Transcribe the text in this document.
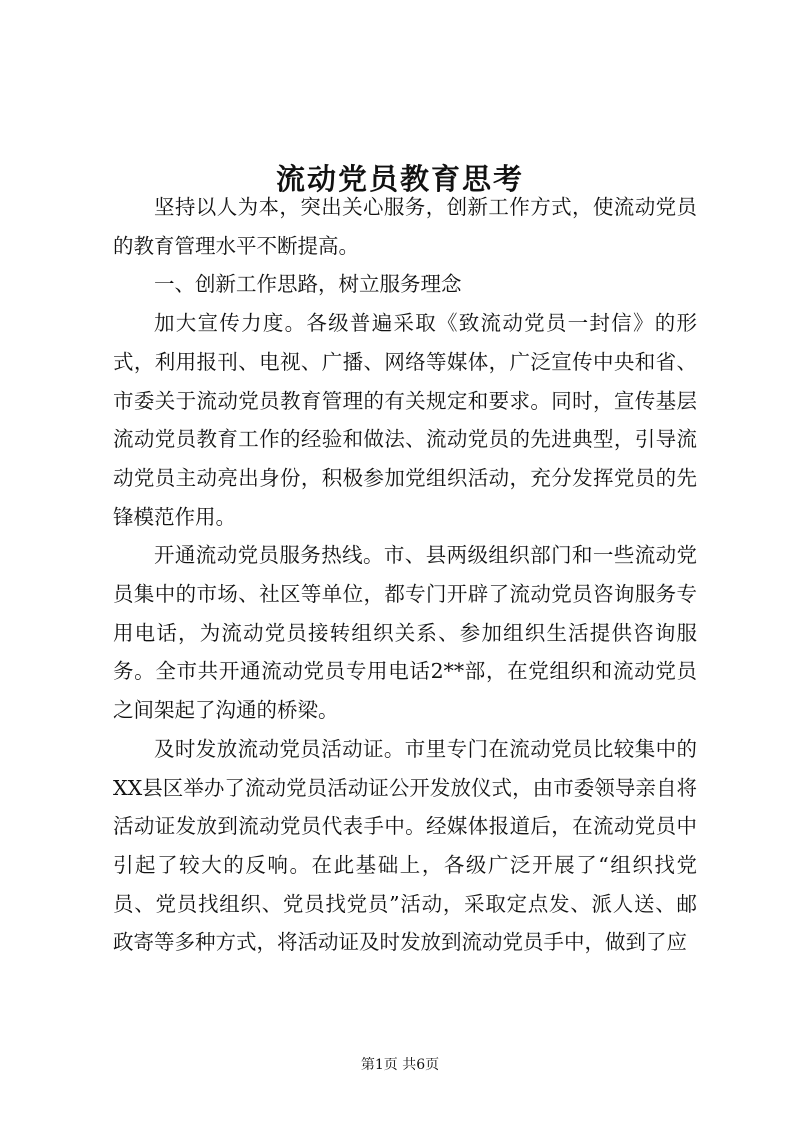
流动党员教育思考

坚持以人为本，突出关心服务，创新工作方式，使流动党员的教育管理水平不断提高。

一、创新工作思路，树立服务理念

加大宣传力度。各级普遍采取《致流动党员一封信》的形式，利用报刊、电视、广播、网络等媒体，广泛宣传中央和省、市委关于流动党员教育管理的有关规定和要求。同时，宣传基层流动党员教育工作的经验和做法、流动党员的先进典型，引导流动党员主动亮出身份，积极参加党组织活动，充分发挥党员的先锋模范作用。

开通流动党员服务热线。市、县两级组织部门和一些流动党员集中的市场、社区等单位，都专门开辟了流动党员咨询服务专用电话，为流动党员接转组织关系、参加组织生活提供咨询服务。全市共开通流动党员专用电话2**部，在党组织和流动党员之间架起了沟通的桥梁。

及时发放流动党员活动证。市里专门在流动党员比较集中的XX县区举办了流动党员活动证公开发放仪式，由市委领导亲自将活动证发放到流动党员代表手中。经媒体报道后，在流动党员中引起了较大的反响。在此基础上，各级广泛开展了“组织找党员、党员找组织、党员找党员”活动，采取定点发、派人送、邮政寄等多种方式，将活动证及时发放到流动党员手中，做到了应

第1页 共6页
